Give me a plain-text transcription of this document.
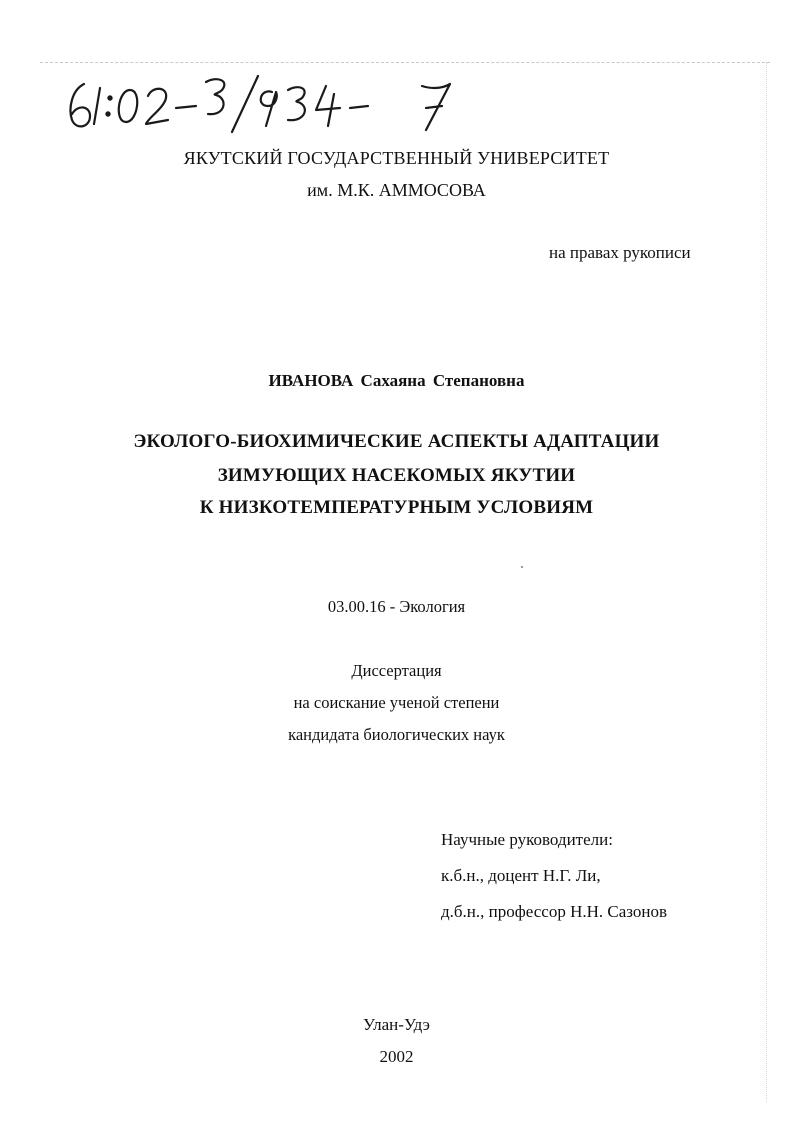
ЯКУТСКИЙ ГОСУДАРСТВЕННЫЙ УНИВЕРСИТЕТ
им. М.К. АММОСОВА
на правах рукописи
ИВАНОВА Сахаяна Степановна
ЭКОЛОГО-БИОХИМИЧЕСКИЕ АСПЕКТЫ АДАПТАЦИИ
ЗИМУЮЩИХ НАСЕКОМЫХ ЯКУТИИ
К НИЗКОТЕМПЕРАТУРНЫМ УСЛОВИЯМ
03.00.16 - Экология
Диссертация
на соискание ученой степени
кандидата биологических наук
Научные руководители:
к.б.н., доцент Н.Г. Ли,
д.б.н., профессор Н.Н. Сазонов
Улан-Удэ
2002
